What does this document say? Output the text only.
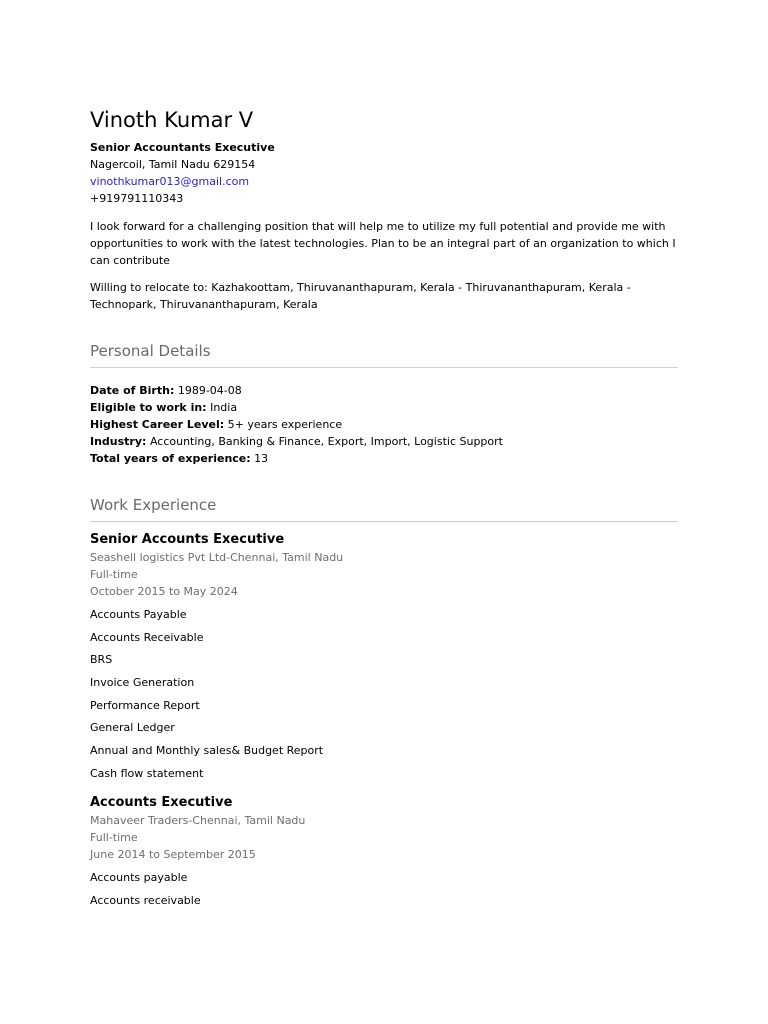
Vinoth Kumar V
Senior Accountants Executive
Nagercoil, Tamil Nadu 629154
vinothkumar013@gmail.com
+919791110343
I look forward for a challenging position that will help me to utilize my full potential and provide me with opportunities to work with the latest technologies. Plan to be an integral part of an organization to which I can contribute
Willing to relocate to: Kazhakoottam, Thiruvananthapuram, Kerala - Thiruvananthapuram, Kerala - Technopark, Thiruvananthapuram, Kerala
Personal Details
Date of Birth: 1989-04-08
Eligible to work in: India
Highest Career Level: 5+ years experience
Industry: Accounting, Banking & Finance, Export, Import, Logistic Support
Total years of experience: 13
Work Experience
Senior Accounts Executive
Seashell logistics Pvt Ltd-Chennai, Tamil Nadu
Full-time
October 2015 to May 2024
Accounts Payable
Accounts Receivable
BRS
Invoice Generation
Performance Report
General Ledger
Annual and Monthly sales& Budget Report
Cash flow statement
Accounts Executive
Mahaveer Traders-Chennai, Tamil Nadu
Full-time
June 2014 to September 2015
Accounts payable
Accounts receivable
